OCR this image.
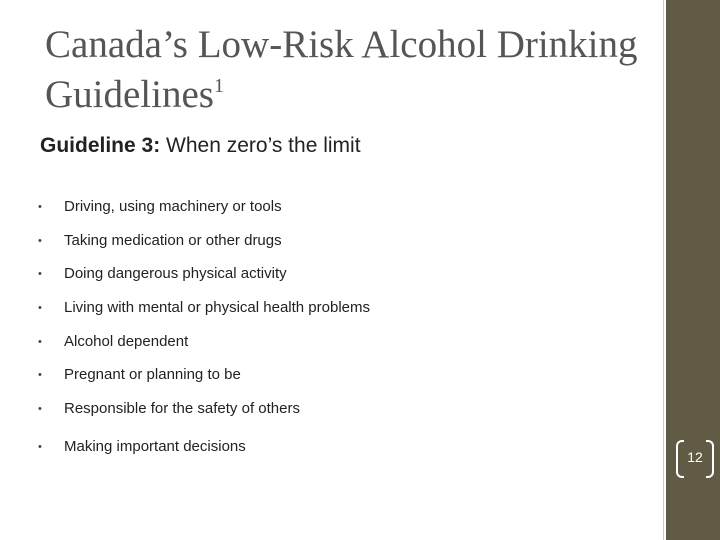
Canada’s Low-Risk Alcohol Drinking Guidelines$^1$

Guideline 3: When zero’s the limit

•	Driving, using machinery or tools
•	Taking medication or other drugs
•	Doing dangerous physical activity
•	Living with mental or physical health problems
•	Alcohol dependent
•	Pregnant or planning to be
•	Responsible for the safety of others
•	Making important decisions
12
